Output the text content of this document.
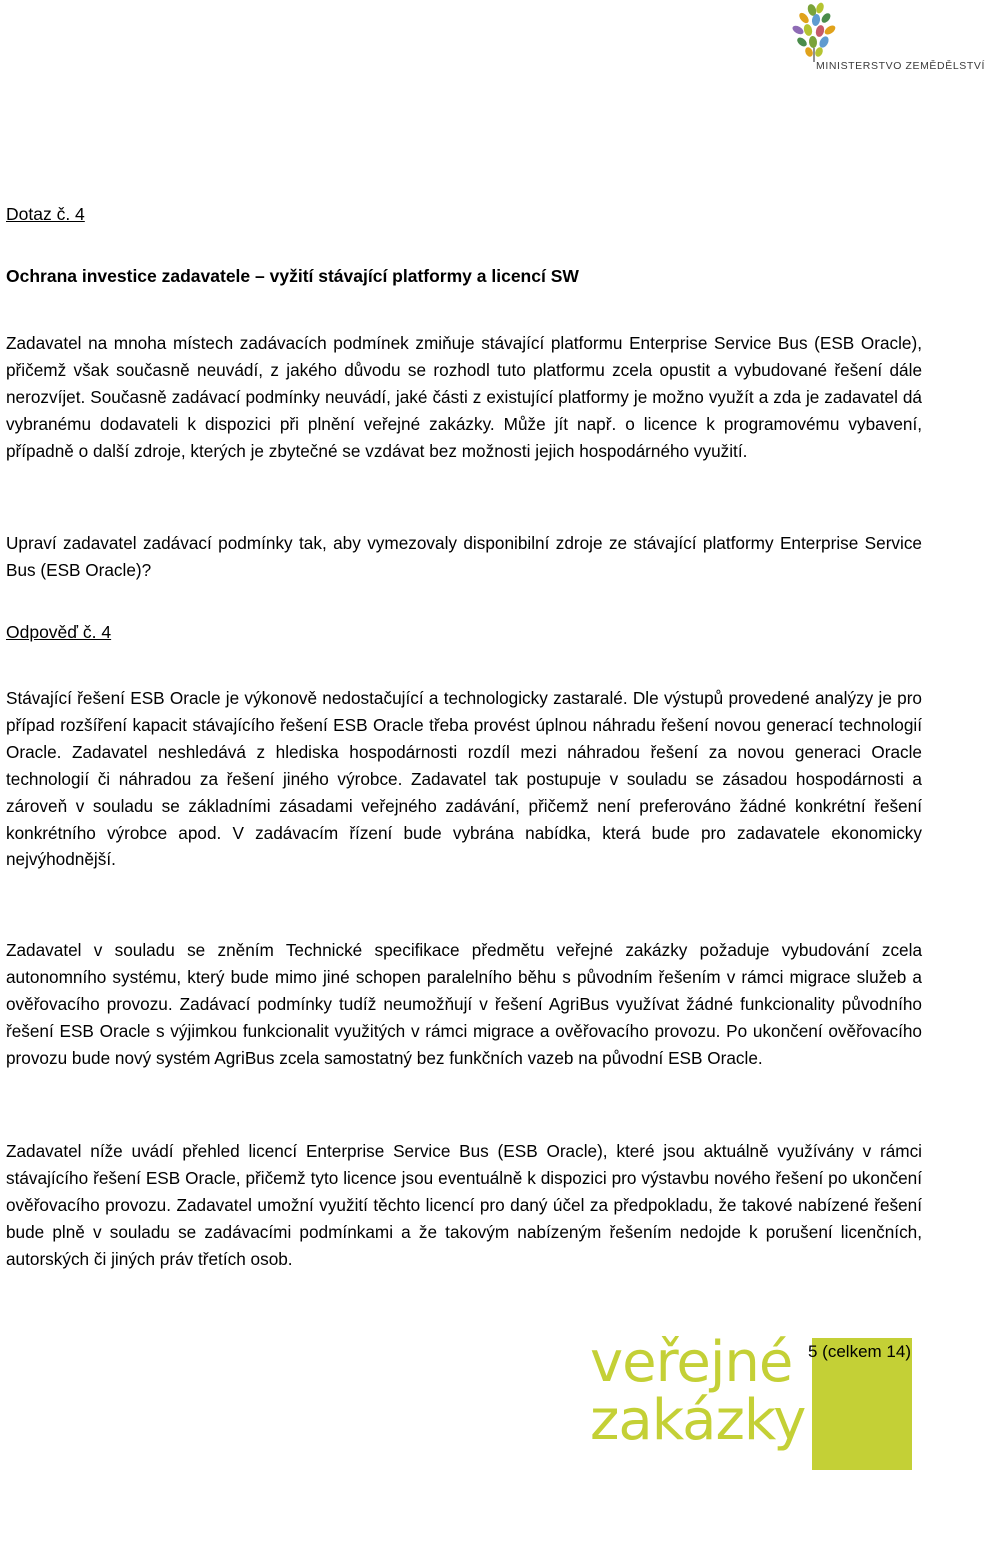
MINISTERSTVO ZEMĚDĚLSTVÍ
Dotaz č. 4
Ochrana investice zadavatele – vyžití stávající platformy a licencí SW

Zadavatel na mnoha místech zadávacích podmínek zmiňuje stávající platformu Enterprise Service Bus (ESB Oracle), přičemž však současně neuvádí, z jakého důvodu se rozhodl tuto platformu zcela opustit a vybudované řešení dále nerozvíjet. Současně zadávací podmínky neuvádí, jaké části z existující platformy je možno využít a zda je zadavatel dá vybranému dodavateli k dispozici při plnění veřejné zakázky. Může jít např. o licence k programovému vybavení, případně o další zdroje, kterých je zbytečné se vzdávat bez možnosti jejich hospodárného využití.

Upraví zadavatel zadávací podmínky tak, aby vymezovaly disponibilní zdroje ze stávající platformy Enterprise Service Bus (ESB Oracle)?

Odpověď č. 4

Stávající řešení ESB Oracle je výkonově nedostačující a technologicky zastaralé. Dle výstupů provedené analýzy je pro případ rozšíření kapacit stávajícího řešení ESB Oracle třeba provést úplnou náhradu řešení novou generací technologií Oracle. Zadavatel neshledává z hlediska hospodárnosti rozdíl mezi náhradou řešení za novou generaci Oracle technologií či náhradou za řešení jiného výrobce. Zadavatel tak postupuje v souladu se zásadou hospodárnosti a zároveň v souladu se základními zásadami veřejného zadávání, přičemž není preferováno žádné konkrétní řešení konkrétního výrobce apod. V zadávacím řízení bude vybrána nabídka, která bude pro zadavatele ekonomicky nejvýhodnější.

Zadavatel v souladu se zněním Technické specifikace předmětu veřejné zakázky požaduje vybudování zcela autonomního systému, který bude mimo jiné schopen paralelního běhu s původním řešením v rámci migrace služeb a ověřovacího provozu. Zadávací podmínky tudíž neumožňují v řešení AgriBus využívat žádné funkcionality původního řešení ESB Oracle s výjimkou funkcionalit využitých v rámci migrace a ověřovacího provozu. Po ukončení ověřovacího provozu bude nový systém AgriBus zcela samostatný bez funkčních vazeb na původní ESB Oracle.

Zadavatel níže uvádí přehled licencí Enterprise Service Bus (ESB Oracle), které jsou aktuálně využívány v rámci stávajícího řešení ESB Oracle, přičemž tyto licence jsou eventuálně k dispozici pro výstavbu nového řešení po ukončení ověřovacího provozu. Zadavatel umožní využití těchto licencí pro daný účel za předpokladu, že takové nabízené řešení bude plně v souladu se zadávacími podmínkami a že takovým nabízeným řešením nedojde k porušení licenčních, autorských či jiných práv třetích osob.

veřejné
zakázky
5 (celkem 14)
